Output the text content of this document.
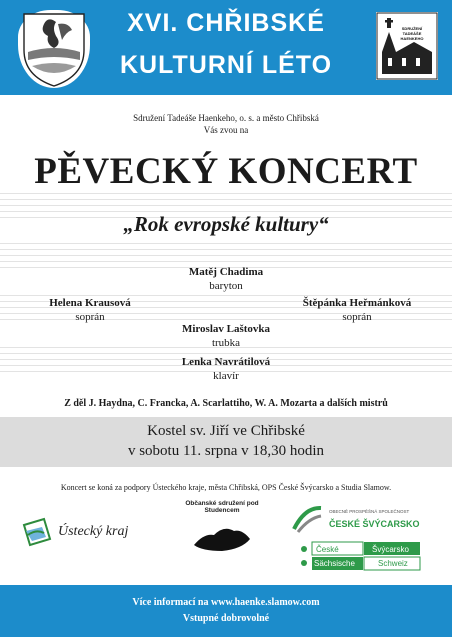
XVI. CHŘIBSKÉ
KULTURNÍ LÉTO
SDRUŽENÍ TADEÁŠE HAENKEHO
Sdružení Tadeáše Haenkeho, o. s. a město Chřibská
Vás zvou na
PĚVECKÝ KONCERT
„Rok evropské kultury“
Matěj Chadima
baryton
Helena Krausová
soprán
Štěpánka Heřmánková
soprán
Miroslav Laštovka
trubka
Lenka Navrátilová
klavír
Z děl J. Haydna, C. Francka, A. Scarlattiho, W. A. Mozarta a dalších mistrů
Kostel sv. Jiří ve Chřibské
v sobotu 11. srpna v 18,30 hodin
Koncert se koná za podpory Ústeckého kraje, města Chřibská, OPS České Švýcarsko a Studia Slamow.
Ústecký kraj
Občanské sdružení pod Studencem	OBECNĚ PROSPĚŠNÁ SPOLEČNOST
ČESKÉ ŠVÝCARSKO
České	Švýcarsko
Sächsische	Schweiz
Více informací na www.haenke.slamow.com
Vstupné dobrovolné
